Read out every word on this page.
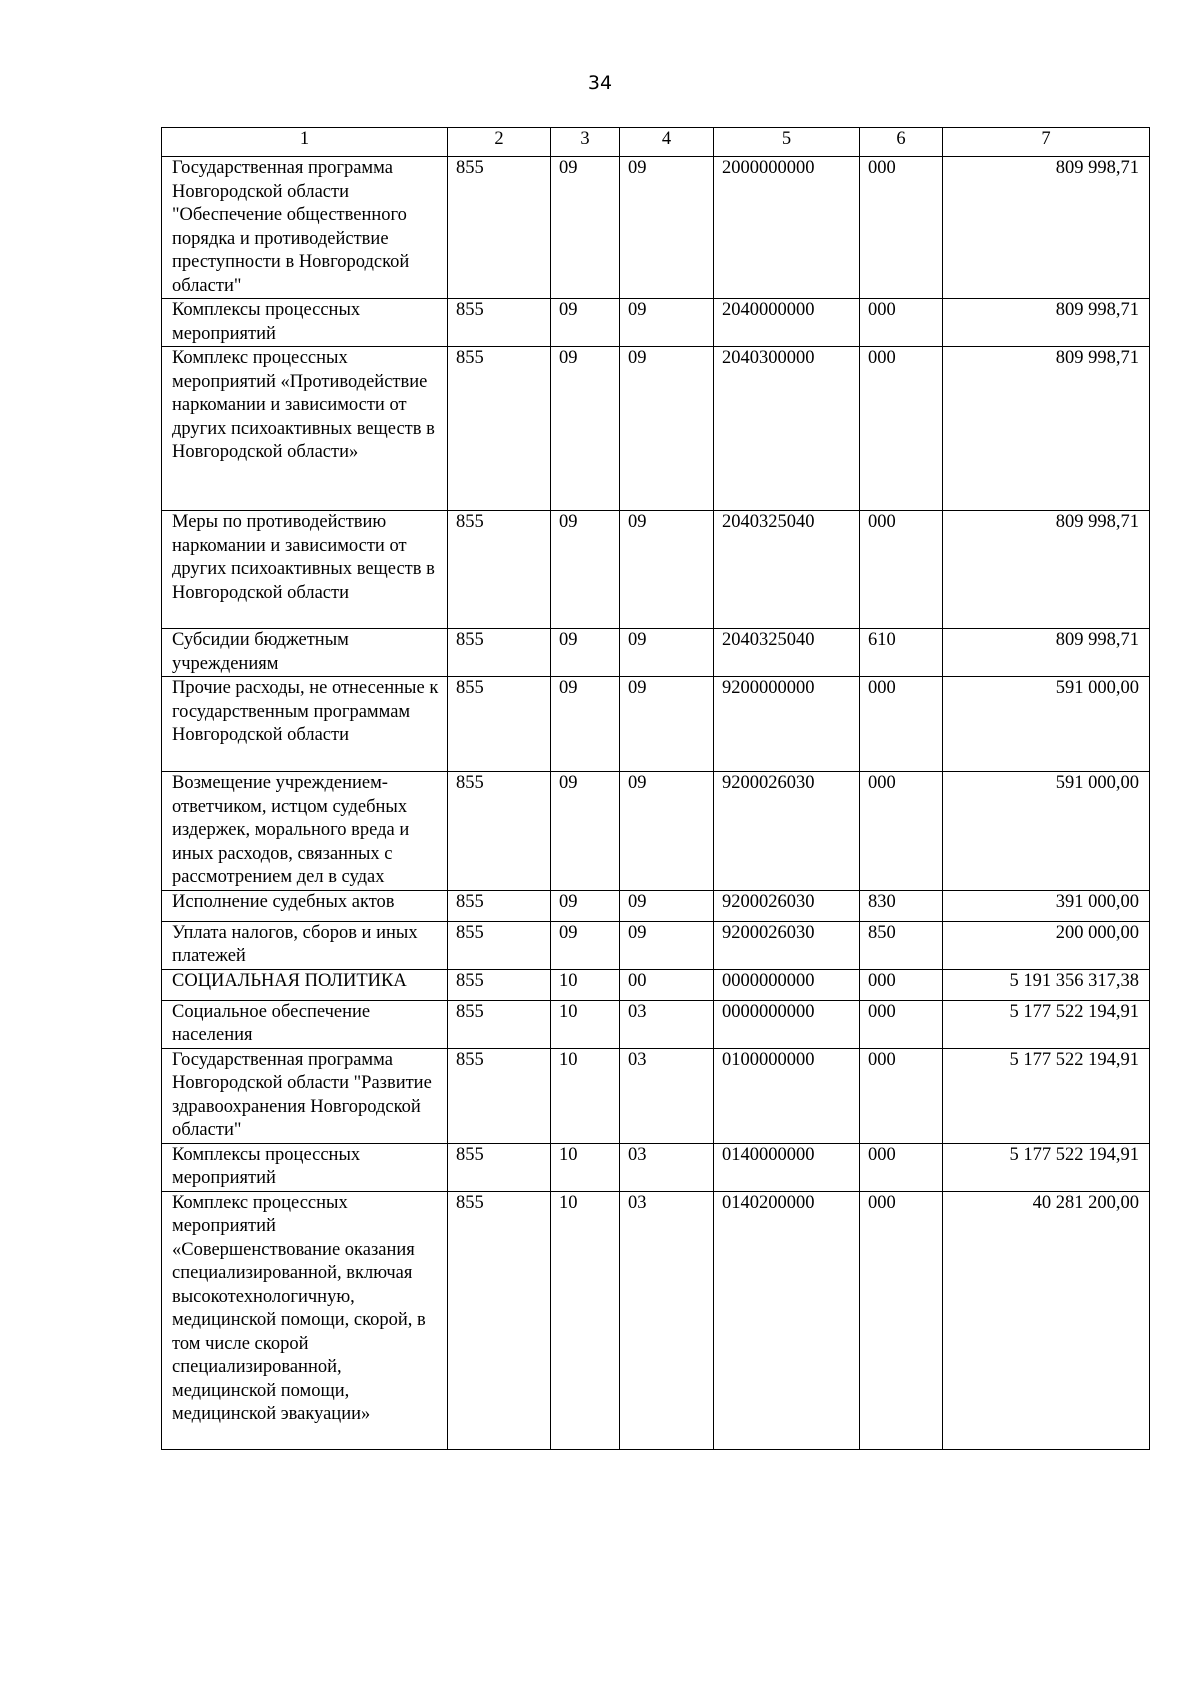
34
1	2	3	4	5	6	7
Государственная программа Новгородской области "Обеспечение общественного порядка и противодействие преступности в Новгородской области"	855	09	09	2000000000	000	809 998,71
Комплексы процессных мероприятий	855	09	09	2040000000	000	809 998,71
Комплекс процессных мероприятий «Противодействие наркомании и зависимости от других психоактивных веществ в Новгородской области»	855	09	09	2040300000	000	809 998,71
Меры по противодействию наркомании и зависимости от других психоактивных веществ в Новгородской области	855	09	09	2040325040	000	809 998,71
Субсидии бюджетным учреждениям	855	09	09	2040325040	610	809 998,71
Прочие расходы, не отнесенные к государственным программам Новгородской области	855	09	09	9200000000	000	591 000,00
Возмещение учреждением-ответчиком, истцом судебных издержек, морального вреда и иных расходов, связанных с рассмотрением дел в судах	855	09	09	9200026030	000	591 000,00
Исполнение судебных актов	855	09	09	9200026030	830	391 000,00
Уплата налогов, сборов и иных платежей	855	09	09	9200026030	850	200 000,00
СОЦИАЛЬНАЯ ПОЛИТИКА	855	10	00	0000000000	000	5 191 356 317,38
Социальное обеспечение населения	855	10	03	0000000000	000	5 177 522 194,91
Государственная программа Новгородской области "Развитие здравоохранения Новгородской области"	855	10	03	0100000000	000	5 177 522 194,91
Комплексы процессных мероприятий	855	10	03	0140000000	000	5 177 522 194,91
Комплекс процессных мероприятий «Совершенствование оказания специализированной, включая высокотехнологичную, медицинской помощи, скорой, в том числе скорой специализированной, медицинской помощи, медицинской эвакуации»	855	10	03	0140200000	000	40 281 200,00
